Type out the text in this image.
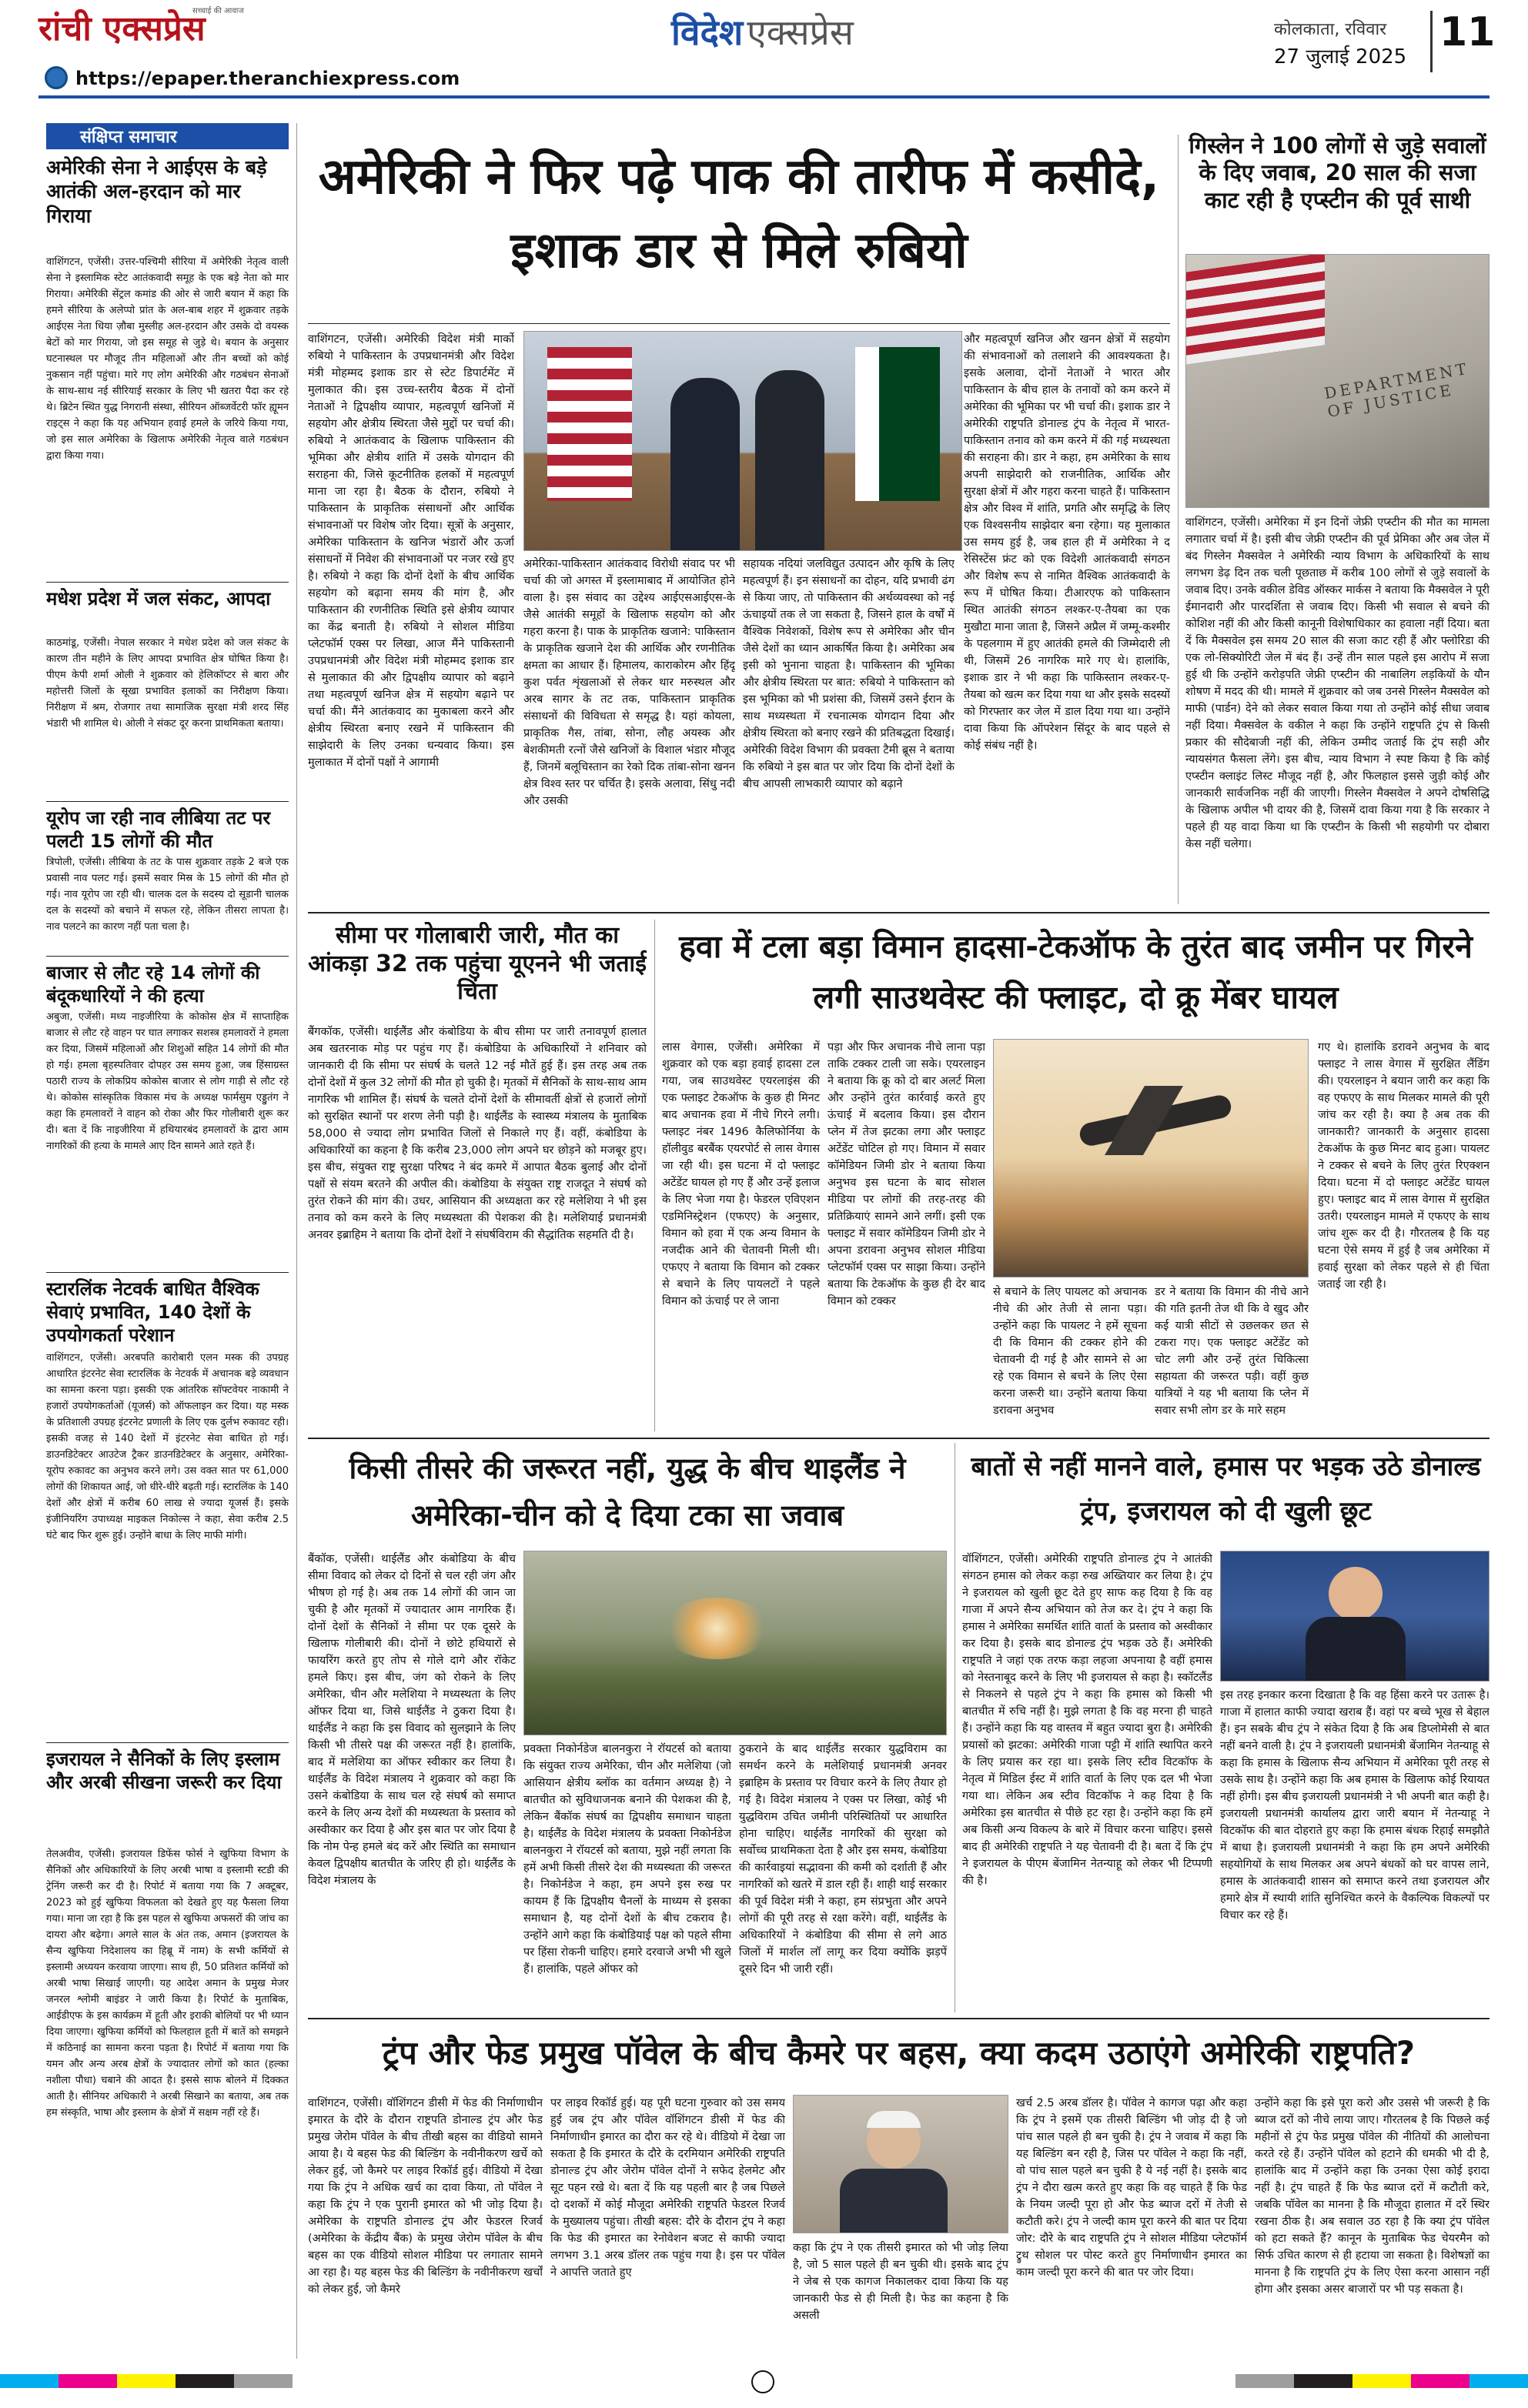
रांची एक्सप्रेस
सच्चाई की आवाज
https://epaper.theranchiexpress.com
विदेश एक्सप्रेस	कोलकाता, रविवार
27 जुलाई 2025
11
संक्षिप्त समाचार
अमेरिकी सेना ने आईएस के बड़े आतंकी अल-हरदान को मार गिराया
वाशिंगटन, एजेंसी। उत्तर-पश्चिमी सीरिया में अमेरिकी नेतृत्व वाली सेना ने इस्लामिक स्टेट आतंकवादी समूह के एक बड़े नेता को मार गिराया। अमेरिकी सेंट्रल कमांड की ओर से जारी बयान में कहा कि हमने सीरिया के अलेप्पो प्रांत के अल-बाब शहर में शुक्रवार तड़के आईएस नेता धिया ज़ौबा मुस्लीह अल-हरदान और उसके दो वयस्क बेटों को मार गिराया, जो इस समूह से जुड़े थे। बयान के अनुसार घटनास्थल पर मौजूद तीन महिलाओं और तीन बच्चों को कोई नुकसान नहीं पहुंचा। मारे गए लोग अमेरिकी और गठबंधन सेनाओं के साथ-साथ नई सीरियाई सरकार के लिए भी खतरा पैदा कर रहे थे। ब्रिटेन स्थित युद्ध निगरानी संस्था, सीरियन ऑब्जर्वेटरी फॉर ह्यूमन राइट्स ने कहा कि यह अभियान हवाई हमले के जरिये किया गया, जो इस साल अमेरिका के खिलाफ अमेरिकी नेतृत्व वाले गठबंधन द्वारा किया गया।
मधेश प्रदेश में जल संकट, आपदा
काठमांडू, एजेंसी। नेपाल सरकार ने मधेश प्रदेश को जल संकट के कारण तीन महीने के लिए आपदा प्रभावित क्षेत्र घोषित किया है। पीएम केपी शर्मा ओली ने शुक्रवार को हेलिकॉप्टर से बारा और महोत्तरी जिलों के सूखा प्रभावित इलाकों का निरीक्षण किया। निरीक्षण में श्रम, रोजगार तथा सामाजिक सुरक्षा मंत्री शरद सिंह भंडारी भी शामिल थे। ओली ने संकट दूर करना प्राथमिकता बताया।
यूरोप जा रही नाव लीबिया तट पर पलटी 15 लोगों की मौत
त्रिपोली, एजेंसी। लीबिया के तट के पास शुक्रवार तड़के 2 बजे एक प्रवासी नाव पलट गई। इसमें सवार मिस्र के 15 लोगों की मौत हो गई। नाव यूरोप जा रही थी। चालक दल के सदस्य दो सूडानी चालक दल के सदस्यों को बचाने में सफल रहे, लेकिन तीसरा लापता है। नाव पलटने का कारण नहीं पता चला है।
बाजार से लौट रहे 14 लोगों की बंदूकधारियों ने की हत्या
अबुजा, एजेंसी। मध्य नाइजीरिया के कोकोस क्षेत्र में साप्ताहिक बाजार से लौट रहे वाहन पर घात लगाकर सशस्त्र हमलावरों ने हमला कर दिया, जिसमें महिलाओं और शिशुओं सहित 14 लोगों की मौत हो गई। हमला बृहस्पतिवार दोपहर उस समय हुआ, जब हिंसाग्रस्त पठारी राज्य के लोकप्रिय कोकोस बाजार से लोग गाड़ी से लौट रहे थे। कोकोस सांस्कृतिक विकास मंच के अध्यक्ष फार्मसुम एड्डुतंग ने कहा कि हमलावरों ने वाहन को रोका और फिर गोलीबारी शुरू कर दी। बता दें कि नाइजीरिया में हथियारबंद हमलावरों के द्वारा आम नागरिकों की हत्या के मामले आए दिन सामने आते रहते हैं।
स्टारलिंक नेटवर्क बाधित वैश्विक सेवाएं प्रभावित, 140 देशों के उपयोगकर्ता परेशान
वाशिंगटन, एजेंसी। अरबपति कारोबारी एलन मस्क की उपग्रह आधारित इंटरनेट सेवा स्टारलिंक के नेटवर्क में अचानक बड़े व्यवधान का सामना करना पड़ा। इसकी एक आंतरिक सॉफ्टवेयर नाकामी ने हजारों उपयोगकर्ताओं (यूजर्स) को ऑफलाइन कर दिया। यह मस्क के प्रतिशाली उपग्रह इंटरनेट प्रणाली के लिए एक दुर्लभ रुकावट रही। इसकी वजह से 140 देशों में इंटरनेट सेवा बाधित हो गई। डाउनडिटेक्टर आउटेज ट्रैकर डाउनडिटेक्टर के अनुसार, अमेरिका-यूरोप रुकावट का अनुभव करने लगे। उस वक्त सात पर 61,000 लोगों की शिकायत आई, जो धीरे-धीरे बढ़ती गई। स्टारलिंक के 140 देशों और क्षेत्रों में करीब 60 लाख से ज्यादा यूजर्स हैं। इसके इंजीनियरिंग उपाध्यक्ष माइकल निकोल्स ने कहा, सेवा करीब 2.5 घंटे बाद फिर शुरू हुई। उन्होंने बाधा के लिए माफी मांगी।
इजरायल ने सैनिकों के लिए इस्लाम और अरबी सीखना जरूरी कर दिया
तेलअवीव, एजेंसी। इजरायल डिफेंस फोर्स ने खुफिया विभाग के सैनिकों और अधिकारियों के लिए अरबी भाषा व इस्लामी स्टडी की ट्रेनिंग जरूरी कर दी है। रिपोर्ट में बताया गया कि 7 अक्टूबर, 2023 को हुई खुफिया विफलता को देखते हुए यह फैसला लिया गया। माना जा रहा है कि इस पहल से खुफिया अफसरों की जांच का दायरा और बढ़ेगा। अगले साल के अंत तक, अमान (इजरायल के सैन्य खुफिया निदेशालय का हिब्रू में नाम) के सभी कर्मियों से इस्लामी अध्ययन करवाया जाएगा। साथ ही, 50 प्रतिशत कर्मियों को अरबी भाषा सिखाई जाएगी। यह आदेश अमान के प्रमुख मेजर जनरल श्लोमी बाइंडर ने जारी किया है। रिपोर्ट के मुताबिक, आईडीएफ के इस कार्यक्रम में हूती और इराकी बोलियों पर भी ध्यान दिया जाएगा। खुफिया कर्मियों को फिलहाल हूती में बातें को समझने में कठिनाई का सामना करना पड़ता है। रिपोर्ट में बताया गया कि यमन और अन्य अरब क्षेत्रों के ज्यादातर लोगों को कात (हल्का नशीला पौधा) चबाने की आदत है। इससे साफ बोलने में दिक्कत आती है। सीनियर अधिकारी ने अरबी सिखाने का बताया, अब तक हम संस्कृति, भाषा और इस्लाम के क्षेत्रों में सक्षम नहीं रहे हैं।
अमेरिकी ने फिर पढ़े पाक की तारीफ में कसीदे, इशाक डार से मिले रुबियो
वाशिंगटन, एजेंसी। अमेरिकी विदेश मंत्री मार्को रुबियो ने पाकिस्तान के उपप्रधानमंत्री और विदेश मंत्री मोहम्मद इशाक डार से स्टेट डिपार्टमेंट में मुलाकात की। इस उच्च-स्तरीय बैठक में दोनों नेताओं ने द्विपक्षीय व्यापार, महत्वपूर्ण खनिजों में सहयोग और क्षेत्रीय स्थिरता जैसे मुद्दों पर चर्चा की। रुबियो ने आतंकवाद के खिलाफ पाकिस्तान की भूमिका और क्षेत्रीय शांति में उसके योगदान की सराहना की, जिसे कूटनीतिक हलकों में महत्वपूर्ण माना जा रहा है। बैठक के दौरान, रुबियो ने पाकिस्तान के प्राकृतिक संसाधनों और आर्थिक संभावनाओं पर विशेष जोर दिया। सूत्रों के अनुसार, अमेरिका पाकिस्तान के खनिज भंडारों और ऊर्जा संसाधनों में निवेश की संभावनाओं पर नजर रखे हुए है। रुबियो ने कहा कि दोनों देशों के बीच आर्थिक सहयोग को बढ़ाना समय की मांग है, और पाकिस्तान की रणनीतिक स्थिति इसे क्षेत्रीय व्यापार का केंद्र बनाती है। रुबियो ने सोशल मीडिया प्लेटफॉर्म एक्स पर लिखा, आज मैंने पाकिस्तानी उपप्रधानमंत्री और विदेश मंत्री मोहम्मद इशाक डार से मुलाकात की और द्विपक्षीय व्यापार को बढ़ाने तथा महत्वपूर्ण खनिज क्षेत्र में सहयोग बढ़ाने पर चर्चा की। मैंने आतंकवाद का मुकाबला करने और क्षेत्रीय स्थिरता बनाए रखने में पाकिस्तान की साझेदारी के लिए उनका धन्यवाद किया। इस मुलाकात में दोनों पक्षों ने आगामी
अमेरिका-पाकिस्तान आतंकवाद विरोधी संवाद पर भी चर्चा की जो अगस्त में इस्लामाबाद में आयोजित होने वाला है। इस संवाद का उद्देश्य आईएसआईएस-के जैसे आतंकी समूहों के खिलाफ सहयोग को और गहरा करना है। पाक के प्राकृतिक खजाने: पाकिस्तान के प्राकृतिक खजाने देश की आर्थिक और रणनीतिक क्षमता का आधार हैं। हिमालय, काराकोरम और हिंदू कुश पर्वत शृंखलाओं से लेकर थार मरुस्थल और अरब सागर के तट तक, पाकिस्तान प्राकृतिक संसाधनों की विविधता से समृद्ध है। यहां कोयला, प्राकृतिक गैस, तांबा, सोना, लौह अयस्क और बेशकीमती रत्नों जैसे खनिजों के विशाल भंडार मौजूद हैं, जिनमें बलूचिस्तान का रेको दिक तांबा-सोना खनन क्षेत्र विश्व स्तर पर चर्चित है। इसके अलावा, सिंधु नदी और उसकी
सहायक नदियां जलविद्युत उत्पादन और कृषि के लिए महत्वपूर्ण हैं। इन संसाधनों का दोहन, यदि प्रभावी ढंग से किया जाए, तो पाकिस्तान की अर्थव्यवस्था को नई ऊंचाइयों तक ले जा सकता है, जिसने हाल के वर्षों में वैश्विक निवेशकों, विशेष रूप से अमेरिका और चीन जैसे देशों का ध्यान आकर्षित किया है। अमेरिका अब इसी को भुनाना चाहता है। पाकिस्तान की भूमिका और क्षेत्रीय स्थिरता पर बात: रुबियो ने पाकिस्तान को इस भूमिका को भी प्रशंसा की, जिसमें उसने ईरान के साथ मध्यस्थता में रचनात्मक योगदान दिया और क्षेत्रीय स्थिरता को बनाए रखने की प्रतिबद्धता दिखाई। अमेरिकी विदेश विभाग की प्रवक्ता टैमी ब्रूस ने बताया कि रुबियो ने इस बात पर जोर दिया कि दोनों देशों के बीच आपसी लाभकारी व्यापार को बढ़ाने
और महत्वपूर्ण खनिज और खनन क्षेत्रों में सहयोग की संभावनाओं को तलाशने की आवश्यकता है। इसके अलावा, दोनों नेताओं ने भारत और पाकिस्तान के बीच हाल के तनावों को कम करने में अमेरिका की भूमिका पर भी चर्चा की। इशाक डार ने अमेरिकी राष्ट्रपति डोनाल्ड ट्रंप के नेतृत्व में भारत-पाकिस्तान तनाव को कम करने में की गई मध्यस्थता की सराहना की। डार ने कहा, हम अमेरिका के साथ अपनी साझेदारी को राजनीतिक, आर्थिक और सुरक्षा क्षेत्रों में और गहरा करना चाहते हैं। पाकिस्तान क्षेत्र और विश्व में शांति, प्रगति और समृद्धि के लिए एक विश्वसनीय साझेदार बना रहेगा। यह मुलाकात उस समय हुई है, जब हाल ही में अमेरिका ने द रेसिस्टेंस फ्रंट को एक विदेशी आतंकवादी संगठन और विशेष रूप से नामित वैश्विक आतंकवादी के रूप में घोषित किया। टीआरएफ को पाकिस्तान स्थित आतंकी संगठन लश्कर-ए-तैयबा का एक मुखौटा माना जाता है, जिसने अप्रैल में जम्मू-कश्मीर के पहलगाम में हुए आतंकी हमले की जिम्मेदारी ली थी, जिसमें 26 नागरिक मारे गए थे। हालांकि, इशाक डार ने भी कहा कि पाकिस्तान लश्कर-ए-तैयबा को खत्म कर दिया गया था और इसके सदस्यों को गिरफ्तार कर जेल में डाल दिया गया था। उन्होंने दावा किया कि ऑपरेशन सिंदूर के बाद पहले से कोई संबंध नहीं है।
गिस्लेन ने 100 लोगों से जुड़े सवालों के दिए जवाब, 20 साल की सजा काट रही है एप्स्टीन की पूर्व साथी
DEPARTMENT OF JUSTICE
वाशिंगटन, एजेंसी। अमेरिका में इन दिनों जेफ्री एप्स्टीन की मौत का मामला लगातार चर्चा में है। इसी बीच जेफ्री एप्स्टीन की पूर्व प्रेमिका और अब जेल में बंद गिस्लेन मैक्सवेल ने अमेरिकी न्याय विभाग के अधिकारियों के साथ लगभग डेढ़ दिन तक चली पूछताछ में करीब 100 लोगों से जुड़े सवालों के जवाब दिए। उनके वकील डेविड ऑस्कर मार्कस ने बताया कि मैक्सवेल ने पूरी ईमानदारी और पारदर्शिता से जवाब दिए। किसी भी सवाल से बचने की कोशिश नहीं की और किसी कानूनी विशेषाधिकार का हवाला नहीं दिया। बता दें कि मैक्सवेल इस समय 20 साल की सजा काट रही हैं और फ्लोरिडा की एक लो-सिक्योरिटी जेल में बंद हैं। उन्हें तीन साल पहले इस आरोप में सजा हुई थी कि उन्होंने करोड़पति जेफ्री एप्स्टीन की नाबालिग लड़कियों के यौन शोषण में मदद की थी। मामले में शुक्रवार को जब उनसे गिस्लेन मैक्सवेल को माफी (पार्डन) देने को लेकर सवाल किया गया तो उन्होंने कोई सीधा जवाब नहीं दिया। मैक्सवेल के वकील ने कहा कि उन्होंने राष्ट्रपति ट्रंप से किसी प्रकार की सौदेबाजी नहीं की, लेकिन उम्मीद जताई कि ट्रंप सही और न्यायसंगत फैसला लेंगे। इस बीच, न्याय विभाग ने स्पष्ट किया है कि कोई एप्स्टीन क्लाइंट लिस्ट मौजूद नहीं है, और फिलहाल इससे जुड़ी कोई और जानकारी सार्वजनिक नहीं की जाएगी। गिस्लेन मैक्सवेल ने अपने दोषसिद्धि के खिलाफ अपील भी दायर की है, जिसमें दावा किया गया है कि सरकार ने पहले ही यह वादा किया था कि एप्स्टीन के किसी भी सहयोगी पर दोबारा केस नहीं चलेगा।
सीमा पर गोलाबारी जारी, मौत का आंकड़ा 32 तक पहुंचा यूएनने भी जताई चिंता
बैंगकॉक, एजेंसी। थाईलैंड और कंबोडिया के बीच सीमा पर जारी तनावपूर्ण हालात अब खतरनाक मोड़ पर पहुंच गए हैं। कंबोडिया के अधिकारियों ने शनिवार को जानकारी दी कि सीमा पर संघर्ष के चलते 12 नई मौतें हुई हैं। इस तरह अब तक दोनों देशों में कुल 32 लोगों की मौत हो चुकी है। मृतकों में सैनिकों के साथ-साथ आम नागरिक भी शामिल हैं। संघर्ष के चलते दोनों देशों के सीमावर्ती क्षेत्रों से हजारों लोगों को सुरक्षित स्थानों पर शरण लेनी पड़ी है। थाईलैंड के स्वास्थ्य मंत्रालय के मुताबिक 58,000 से ज्यादा लोग प्रभावित जिलों से निकाले गए हैं। वहीं, कंबोडिया के अधिकारियों का कहना है कि करीब 23,000 लोग अपने घर छोड़ने को मजबूर हुए। इस बीच, संयुक्त राष्ट्र सुरक्षा परिषद ने बंद कमरे में आपात बैठक बुलाई और दोनों पक्षों से संयम बरतने की अपील की। कंबोडिया के संयुक्त राष्ट्र राजदूत ने संघर्ष को तुरंत रोकने की मांग की। उधर, आसियान की अध्यक्षता कर रहे मलेशिया ने भी इस तनाव को कम करने के लिए मध्यस्थता की पेशकश की है। मलेशियाई प्रधानमंत्री अनवर इब्राहिम ने बताया कि दोनों देशों ने संघर्षविराम की सैद्धांतिक सहमति दी है।
हवा में टला बड़ा विमान हादसा-टेकऑफ के तुरंत बाद जमीन पर गिरने लगी साउथवेस्ट की फ्लाइट, दो क्रू मेंबर घायल
लास वेगास, एजेंसी। अमेरिका में शुक्रवार को एक बड़ा हवाई हादसा टल गया, जब साउथवेस्ट एयरलाइंस की एक फ्लाइट टेकऑफ के कुछ ही मिनट बाद अचानक हवा में नीचे गिरने लगी। फ्लाइट नंबर 1496 कैलिफोर्निया के हॉलीवुड बरबैंक एयरपोर्ट से लास वेगास जा रही थी। इस घटना में दो फ्लाइट अटेंडेंट घायल हो गए हैं और उन्हें इलाज के लिए भेजा गया है। फेडरल एविएशन एडमिनिस्ट्रेशन (एफएए) के अनुसार, विमान को हवा में एक अन्य विमान के नजदीक आने की चेतावनी मिली थी। एफएए ने बताया कि विमान को टक्कर से बचाने के लिए पायलटों ने पहले विमान को ऊंचाई पर ले जाना
पड़ा और फिर अचानक नीचे लाना पड़ा ताकि टक्कर टाली जा सके। एयरलाइन ने बताया कि क्रू को दो बार अलर्ट मिला और उन्होंने तुरंत कार्रवाई करते हुए ऊंचाई में बदलाव किया। इस दौरान प्लेन में तेज झटका लगा और फ्लाइट अटेंडेंट चोटिल हो गए। विमान में सवार कॉमेडियन जिमी डोर ने बताया किया अनुभव इस घटना के बाद सोशल मीडिया पर लोगों की तरह-तरह की प्रतिक्रियाएं सामने आने लगीं। इसी एक फ्लाइट में सवार कॉमेडियन जिमी डोर ने अपना डरावना अनुभव सोशल मीडिया प्लेटफॉर्म एक्स पर साझा किया। उन्होंने बताया कि टेकऑफ के कुछ ही देर बाद विमान को टक्कर
से बचाने के लिए पायलट को अचानक नीचे की ओर तेजी से लाना पड़ा। उन्होंने कहा कि पायलट ने हमें सूचना दी कि विमान की टक्कर होने की चेतावनी दी गई है और सामने से आ रहे एक विमान से बचने के लिए ऐसा करना जरूरी था। उन्होंने बताया किया डरावना अनुभव
डर ने बताया कि विमान की नीचे आने की गति इतनी तेज थी कि वे खुद और कई यात्री सीटों से उछलकर छत से टकरा गए। एक फ्लाइट अटेंडेंट को चोट लगी और उन्हें तुरंत चिकित्सा सहायता की जरूरत पड़ी। वहीं कुछ यात्रियों ने यह भी बताया कि प्लेन में सवार सभी लोग डर के मारे सहम
गए थे। हालांकि डरावने अनुभव के बाद फ्लाइट ने लास वेगास में सुरक्षित लैंडिंग की। एयरलाइन ने बयान जारी कर कहा कि वह एफएए के साथ मिलकर मामले की पूरी जांच कर रही है। क्या है अब तक की जानकारी? जानकारी के अनुसार हादसा टेकऑफ के कुछ मिनट बाद हुआ। पायलट ने टक्कर से बचने के लिए तुरंत रिएक्शन दिया। घटना में दो फ्लाइट अटेंडेंट घायल हुए। फ्लाइट बाद में लास वेगास में सुरक्षित उतरी। एयरलाइन मामले में एफएए के साथ जांच शुरू कर दी है। गौरतलब है कि यह घटना ऐसे समय में हुई है जब अमेरिका में हवाई सुरक्षा को लेकर पहले से ही चिंता जताई जा रही है।
किसी तीसरे की जरूरत नहीं, युद्ध के बीच थाइलैंड ने अमेरिका-चीन को दे दिया टका सा जवाब
बैंकॉक, एजेंसी। थाईलैंड और कंबोडिया के बीच सीमा विवाद को लेकर दो दिनों से चल रही जंग और भीषण हो गई है। अब तक 14 लोगों की जान जा चुकी है और मृतकों में ज्यादातर आम नागरिक हैं। दोनों देशों के सैनिकों ने सीमा पर एक दूसरे के खिलाफ गोलीबारी की। दोनों ने छोटे हथियारों से फायरिंग करते हुए तोप से गोले दागे और रॉकेट हमले किए। इस बीच, जंग को रोकने के लिए अमेरिका, चीन और मलेशिया ने मध्यस्थता के लिए ऑफर दिया था, जिसे थाईलैंड ने ठुकरा दिया है। थाईलैंड ने कहा कि इस विवाद को सुलझाने के लिए किसी भी तीसरे पक्ष की जरूरत नहीं है। हालांकि, बाद में मलेशिया का ऑफर स्वीकार कर लिया है। थाईलैंड के विदेश मंत्रालय ने शुक्रवार को कहा कि उसने कंबोडिया के साथ चल रहे संघर्ष को समाप्त करने के लिए अन्य देशों की मध्यस्थता के प्रस्ताव को अस्वीकार कर दिया है और इस बात पर जोर दिया है कि नोम पेन्ह हमले बंद करें और स्थिति का समाधान केवल द्विपक्षीय बातचीत के जरिए ही हो। थाईलैंड के विदेश मंत्रालय के
प्रवक्ता निकोर्नडेज बालनकुरा ने रॉयटर्स को बताया कि संयुक्त राज्य अमेरिका, चीन और मलेशिया (जो आसियान क्षेत्रीय ब्लॉक का वर्तमान अध्यक्ष है) ने बातचीत को सुविधाजनक बनाने की पेशकश की है, लेकिन बैंकॉक संघर्ष का द्विपक्षीय समाधान चाहता है। थाईलैंड के विदेश मंत्रालय के प्रवक्ता निकोर्नडेज बालनकुरा ने रॉयटर्स को बताया, मुझे नहीं लगता कि हमें अभी किसी तीसरे देश की मध्यस्थता की जरूरत है। निकोर्नडेज ने कहा, हम अपने इस रुख पर कायम हैं कि द्विपक्षीय चैनलों के माध्यम से इसका समाधान है, यह दोनों देशों के बीच टकराव है। उन्होंने आगे कहा कि कंबोडियाई पक्ष को पहले सीमा पर हिंसा रोकनी चाहिए। हमारे दरवाजे अभी भी खुले हैं। हालांकि, पहले ऑफर को
ठुकराने के बाद थाईलैंड सरकार युद्धविराम का समर्थन करने के मलेशियाई प्रधानमंत्री अनवर इब्राहिम के प्रस्ताव पर विचार करने के लिए तैयार हो गई है। विदेश मंत्रालय ने एक्स पर लिखा, कोई भी युद्धविराम उचित जमीनी परिस्थितियों पर आधारित होना चाहिए। थाईलैंड नागरिकों की सुरक्षा को सर्वोच्च प्राथमिकता देता है और इस समय, कंबोडिया की कार्रवाइयां सद्भावना की कमी को दर्शाती हैं और नागरिकों को खतरे में डाल रही हैं। शाही थाई सरकार की पूर्व विदेश मंत्री ने कहा, हम संप्रभुता और अपने लोगों की पूरी तरह से रक्षा करेंगे। वहीं, थाईलैंड के अधिकारियों ने कंबोडिया की सीमा से लगे आठ जिलों में मार्शल लॉ लागू कर दिया क्योंकि झड़पें दूसरे दिन भी जारी रहीं।
बातों से नहीं मानने वाले, हमास पर भड़क उठे डोनाल्ड ट्रंप, इजरायल को दी खुली छूट
वॉशिंगटन, एजेंसी। अमेरिकी राष्ट्रपति डोनाल्ड ट्रंप ने आतंकी संगठन हमास को लेकर कड़ा रुख अख्तियार कर लिया है। ट्रंप ने इजरायल को खुली छूट देते हुए साफ कह दिया है कि वह गाजा में अपने सैन्य अभियान को तेज कर दे। ट्रंप ने कहा कि हमास ने अमेरिका समर्थित शांति वार्ता के प्रस्ताव को अस्वीकार कर दिया है। इसके बाद डोनाल्ड ट्रंप भड़क उठे हैं। अमेरिकी राष्ट्रपति ने जहां एक तरफ कड़ा लहजा अपनाया है वहीं हमास को नेस्तनाबूद करने के लिए भी इजरायल से कहा है। स्कॉटलैंड से निकलने से पहले ट्रंप ने कहा कि हमास को किसी भी बातचीत में रुचि नहीं है। मुझे लगता है कि वह मरना ही चाहते हैं। उन्होंने कहा कि यह वास्तव में बहुत ज्यादा बुरा है। अमेरिकी प्रयासों को झटका: अमेरिकी गाजा पट्टी में शांति स्थापित करने के लिए प्रयास कर रहा था। इसके लिए स्टीव विटकॉफ के नेतृत्व में मिडिल ईस्ट में शांति वार्ता के लिए एक दल भी भेजा गया था। लेकिन अब स्टीव विटकॉफ ने कह दिया है कि अमेरिका इस बातचीत से पीछे हट रहा है। उन्होंने कहा कि हमें अब किसी अन्य विकल्प के बारे में विचार करना चाहिए। इससे बाद ही अमेरिकी राष्ट्रपति ने यह चेतावनी दी है। बता दें कि ट्रंप ने इजरायल के पीएम बेंजामिन नेतन्याहू को लेकर भी टिप्पणी की है।
इस तरह इनकार करना दिखाता है कि वह हिंसा करने पर उतारू है। गाजा में हालात काफी ज्यादा खराब हैं। वहां पर बच्चे भूख से बेहाल हैं। इन सबके बीच ट्रंप ने संकेत दिया है कि अब डिप्लोमेसी से बात नहीं बनने वाली है। ट्रंप ने इजरायली प्रधानमंत्री बेंजामिन नेतन्याहू से कहा कि हमास के खिलाफ सैन्य अभियान में अमेरिका पूरी तरह से उसके साथ है। उन्होंने कहा कि अब हमास के खिलाफ कोई रियायत नहीं होगी। इस बीच इजरायली प्रधानमंत्री ने भी अपनी बात कही है। इजरायली प्रधानमंत्री कार्यालय द्वारा जारी बयान में नेतन्याहू ने विटकॉफ की बात दोहराते हुए कहा कि हमास बंधक रिहाई समझौते में बाधा है। इजरायली प्रधानमंत्री ने कहा कि हम अपने अमेरिकी सहयोगियों के साथ मिलकर अब अपने बंधकों को घर वापस लाने, हमास के आतंकवादी शासन को समाप्त करने तथा इजरायल और हमारे क्षेत्र में स्थायी शांति सुनिश्चित करने के वैकल्पिक विकल्पों पर विचार कर रहे हैं।
ट्रंप और फेड प्रमुख पॉवेल के बीच कैमरे पर बहस, क्या कदम उठाएंगे अमेरिकी राष्ट्रपति?
वाशिंगटन, एजेंसी। वॉशिंगटन डीसी में फेड की निर्माणाधीन इमारत के दौरे के दौरान राष्ट्रपति डोनाल्ड ट्रंप और फेड प्रमुख जेरोम पॉवेल के बीच तीखी बहस का वीडियो सामने आया है। ये बहस फेड की बिल्डिंग के नवीनीकरण खर्चे को लेकर हुई, जो कैमरे पर लाइव रिकॉर्ड हुई। वीडियो में देखा गया कि ट्रंप ने अधिक खर्च का दावा किया, तो पॉवेल ने कहा कि ट्रंप ने एक पुरानी इमारत को भी जोड़ दिया है। अमेरिका के राष्ट्रपति डोनाल्ड ट्रंप और फेडरल रिजर्व (अमेरिका के केंद्रीय बैंक) के प्रमुख जेरोम पॉवेल के बीच बहस का एक वीडियो सोशल मीडिया पर लगातार सामने आ रहा है। यह बहस फेड की बिल्डिंग के नवीनीकरण खर्चों को लेकर हुई, जो कैमरे
पर लाइव रिकॉर्ड हुई। यह पूरी घटना गुरुवार को उस समय हुई जब ट्रंप और पॉवेल वॉशिंगटन डीसी में फेड की निर्माणाधीन इमारत का दौरा कर रहे थे। वीडियो में देखा जा सकता है कि इमारत के दौरे के दरमियान अमेरिकी राष्ट्रपति डोनाल्ड ट्रंप और जेरोम पॉवेल दोनों ने सफेद हेलमेट और सूट पहन रखे थे। बता दें कि यह पहली बार है जब पिछले दो दशकों में कोई मौजूदा अमेरिकी राष्ट्रपति फेडरल रिजर्व के मुख्यालय पहुंचा। तीखी बहस: दौरे के दौरान ट्रंप ने कहा कि फेड की इमारत का रेनोवेशन बजट से काफी ज्यादा लगभग 3.1 अरब डॉलर तक पहुंच गया है। इस पर पॉवेल ने आपत्ति जताते हुए
कहा कि ट्रंप ने एक तीसरी इमारत को भी जोड़ लिया है, जो 5 साल पहले ही बन चुकी थी। इसके बाद ट्रंप ने जेब से एक कागज निकालकर दावा किया कि यह जानकारी फेड से ही मिली है। फेड का कहना है कि असली
खर्च 2.5 अरब डॉलर है। पॉवेल ने कागज पढ़ा और कहा कि ट्रंप ने इसमें एक तीसरी बिल्डिंग भी जोड़ दी है जो पांच साल पहले ही बन चुकी है। ट्रंप ने जवाब में कहा कि यह बिल्डिंग बन रही है, जिस पर पॉवेल ने कहा कि नहीं, वो पांच साल पहले बन चुकी है ये नई नहीं है। इसके बाद ट्रंप ने दौरा खत्म करते हुए कहा कि वह चाहते हैं कि फेड के नियम जल्दी पूरा हो और फेड ब्याज दरों में तेजी से कटौती करे। ट्रंप ने जल्दी काम पूरा करने की बात पर दिया जोर: दौरे के बाद राष्ट्रपति ट्रंप ने सोशल मीडिया प्लेटफॉर्म ट्रुथ सोशल पर पोस्ट करते हुए निर्माणाधीन इमारत का काम जल्दी पूरा करने की बात पर जोर दिया।
उन्होंने कहा कि इसे पूरा करो और उससे भी जरूरी है कि ब्याज दरों को नीचे लाया जाए। गौरतलब है कि पिछले कई महीनों से ट्रंप फेड प्रमुख पॉवेल की नीतियों की आलोचना करते रहे हैं। उन्होंने पॉवेल को हटाने की धमकी भी दी है, हालांकि बाद में उन्होंने कहा कि उनका ऐसा कोई इरादा नहीं है। ट्रंप चाहते हैं कि फेड ब्याज दरों में कटौती करे, जबकि पॉवेल का मानना है कि मौजूदा हालात में दरें स्थिर रखना ठीक है। अब सवाल उठ रहा है कि क्या ट्रंप पॉवेल को हटा सकते हैं? कानून के मुताबिक फेड चेयरमैन को सिर्फ उचित कारण से ही हटाया जा सकता है। विशेषज्ञों का मानना है कि राष्ट्रपति ट्रंप के लिए ऐसा करना आसान नहीं होगा और इसका असर बाजारों पर भी पड़ सकता है।
